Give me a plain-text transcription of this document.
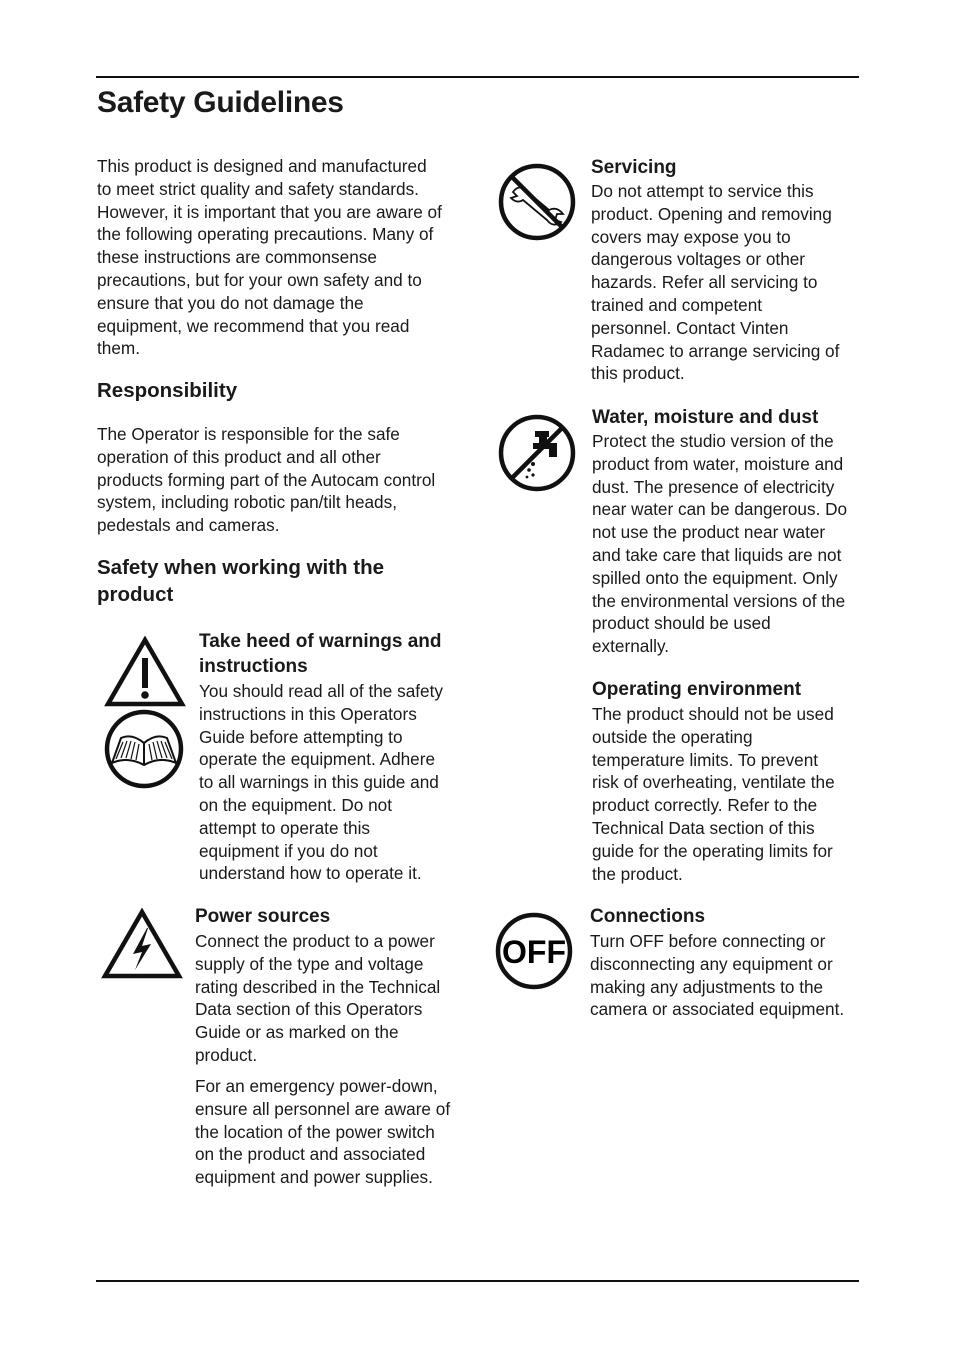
Safety Guidelines

This product is designed and manufactured
to meet strict quality and safety standards.
However, it is important that you are aware of
the following operating precautions. Many of
these instructions are commonsense
precautions, but for your own safety and to
ensure that you do not damage the
equipment, we recommend that you read
them.

Responsibility

The Operator is responsible for the safe
operation of this product and all other
products forming part of the Autocam control
system, including robotic pan/tilt heads,
pedestals and cameras.

Safety when working with the
product
Take heed of warnings and
instructions

You should read all of the safety
instructions in this Operators
Guide before attempting to
operate the equipment. Adhere
to all warnings in this guide and
on the equipment. Do not
attempt to operate this
equipment if you do not
understand how to operate it.

Power sources

Connect the product to a power
supply of the type and voltage
rating described in the Technical
Data section of this Operators
Guide or as marked on the
product.

For an emergency power-down,
ensure all personnel are aware of
the location of the power switch
on the product and associated
equipment and power supplies.

Servicing

Do not attempt to service this
product. Opening and removing
covers may expose you to
dangerous voltages or other
hazards. Refer all servicing to
trained and competent
personnel. Contact Vinten
Radamec to arrange servicing of
this product.

Water, moisture and dust

Protect the studio version of the
product from water, moisture and
dust. The presence of electricity
near water can be dangerous. Do
not use the product near water
and take care that liquids are not
spilled onto the equipment. Only
the environmental versions of the
product should be used
externally.

Operating environment

The product should not be used
outside the operating
temperature limits. To prevent
risk of overheating, ventilate the
product correctly. Refer to the
Technical Data section of this
guide for the operating limits for
the product.

OFF
Connections

Turn OFF before connecting or
disconnecting any equipment or
making any adjustments to the
camera or associated equipment.
